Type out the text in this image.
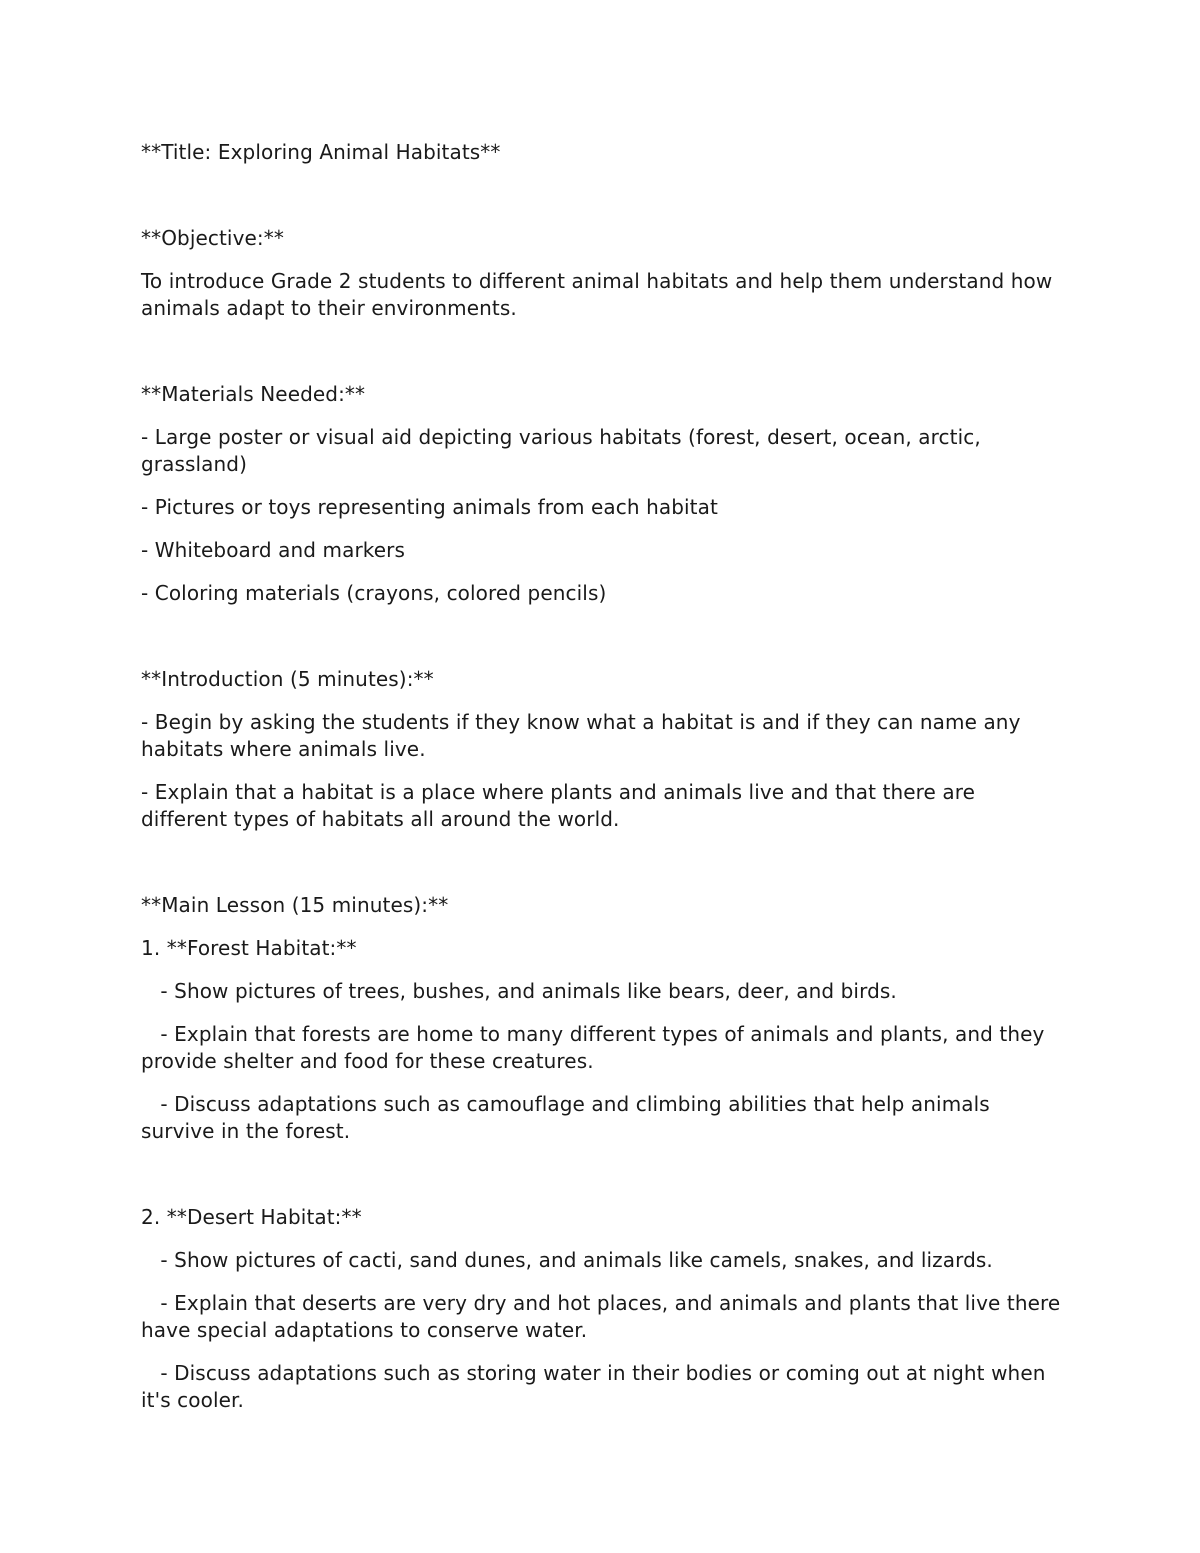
**Title: Exploring Animal Habitats**

**Objective:**

To introduce Grade 2 students to different animal habitats and help them understand how animals adapt to their environments.

**Materials Needed:**

- Large poster or visual aid depicting various habitats (forest, desert, ocean, arctic, grassland)

- Pictures or toys representing animals from each habitat

- Whiteboard and markers

- Coloring materials (crayons, colored pencils)

**Introduction (5 minutes):**

- Begin by asking the students if they know what a habitat is and if they can name any habitats where animals live.

- Explain that a habitat is a place where plants and animals live and that there are different types of habitats all around the world.

**Main Lesson (15 minutes):**

1. **Forest Habitat:**

- Show pictures of trees, bushes, and animals like bears, deer, and birds.

- Explain that forests are home to many different types of animals and plants, and they provide shelter and food for these creatures.

- Discuss adaptations such as camouflage and climbing abilities that help animals survive in the forest.

2. **Desert Habitat:**

- Show pictures of cacti, sand dunes, and animals like camels, snakes, and lizards.

- Explain that deserts are very dry and hot places, and animals and plants that live there have special adaptations to conserve water.

- Discuss adaptations such as storing water in their bodies or coming out at night when it's cooler.
